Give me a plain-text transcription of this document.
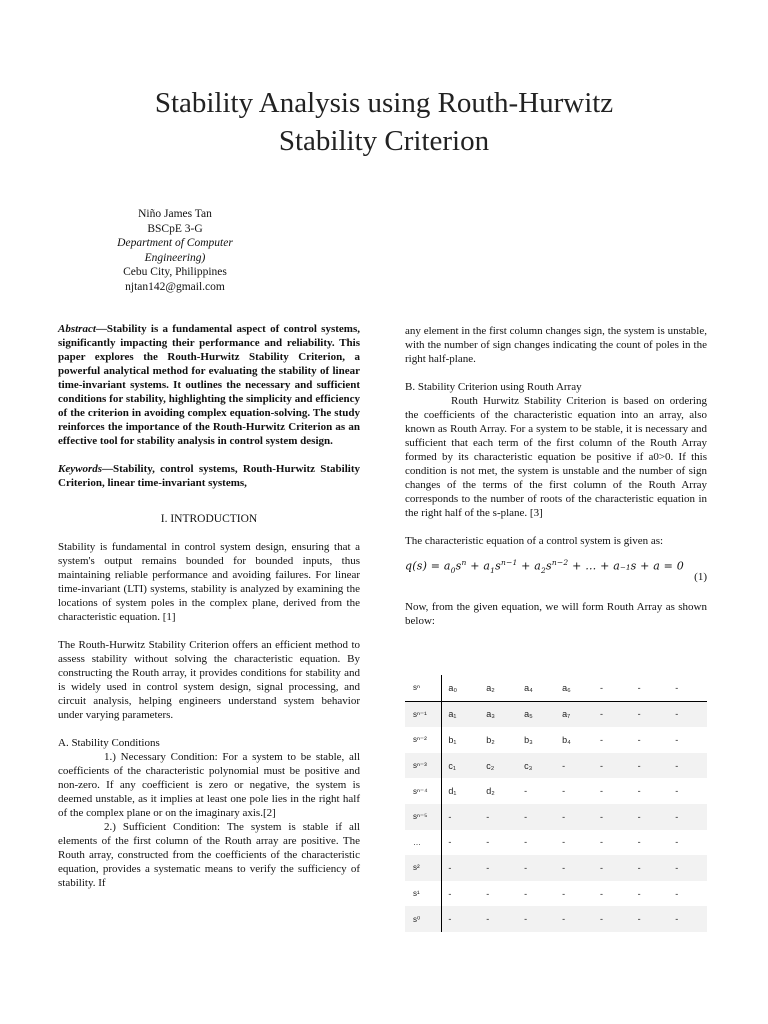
Stability Analysis using Routh-Hurwitz
Stability Criterion
Niño James Tan
BSCpE 3-G
Department of Computer
Engineering)
Cebu City, Philippines
njtan142@gmail.com

Abstract—Stability is a fundamental aspect of control systems, significantly impacting their performance and reliability. This paper explores the Routh-Hurwitz Stability Criterion, a powerful analytical method for evaluating the stability of linear time-invariant systems. It outlines the necessary and sufficient conditions for stability, highlighting the simplicity and efficiency of the criterion in avoiding complex equation-solving. The study reinforces the importance of the Routh-Hurwitz Criterion as an effective tool for stability analysis in control system design.

Keywords—Stability, control systems, Routh-Hurwitz Stability Criterion, linear time-invariant systems,

I. INTRODUCTION

Stability is fundamental in control system design, ensuring that a system's output remains bounded for bounded inputs, thus maintaining reliable performance and avoiding failures. For linear time-invariant (LTI) systems, stability is analyzed by examining the locations of system poles in the complex plane, derived from the characteristic equation. [1]

The Routh-Hurwitz Stability Criterion offers an efficient method to assess stability without solving the characteristic equation. By constructing the Routh array, it provides conditions for stability and is widely used in control system design, signal processing, and circuit analysis, helping engineers understand system behavior under varying parameters.

A. Stability Conditions

1.) Necessary Condition: For a system to be stable, all coefficients of the characteristic polynomial must be positive and non-zero. If any coefficient is zero or negative, the system is deemed unstable, as it implies at least one pole lies in the right half of the complex plane or on the imaginary axis.[2]

2.) Sufficient Condition: The system is stable if all elements of the first column of the Routh array are positive. The Routh array, constructed from the coefficients of the characteristic equation, provides a systematic means to verify the sufficiency of stability. If

any element in the first column changes sign, the system is unstable, with the number of sign changes indicating the count of poles in the right half-plane.

B. Stability Criterion using Routh Array

Routh Hurwitz Stability Criterion is based on ordering the coefficients of the characteristic equation into an array, also known as Routh Array. For a system to be stable, it is necessary and sufficient that each term of the first column of the Routh Array formed by its characteristic equation be positive if a0>0. If this condition is not met, the system is unstable and the number of sign changes of the terms of the first column of the Routh Array corresponds to the number of roots of the characteristic equation in the right half of the s-plane. [3]

The characteristic equation of a control system is given as:

$q(s) = a_0s^n + a_1s^{n-1} + a_2s^{n-2}$ + … + a⁢₋₁s + a⁢ = 0
(1)

Now, from the given equation, we will form Routh Array as shown below:

sⁿ	a₀	a₂	a₄	a₆	-	-	-
sⁿ⁻¹	a₁	a₃	a₅	a₇	-	-	-
sⁿ⁻²	b₁	b₂	b₃	b₄	-	-	-
sⁿ⁻³	c₁	c₂	c₃	-	-	-	-
sⁿ⁻⁴	d₁	d₂	-	-	-	-	-
sⁿ⁻⁵	-	-	-	-	-	-	-
…	-	-	-	-	-	-	-
s²	-	-	-	-	-	-	-
s¹	-	-	-	-	-	-	-
s⁰	-	-	-	-	-	-	-
